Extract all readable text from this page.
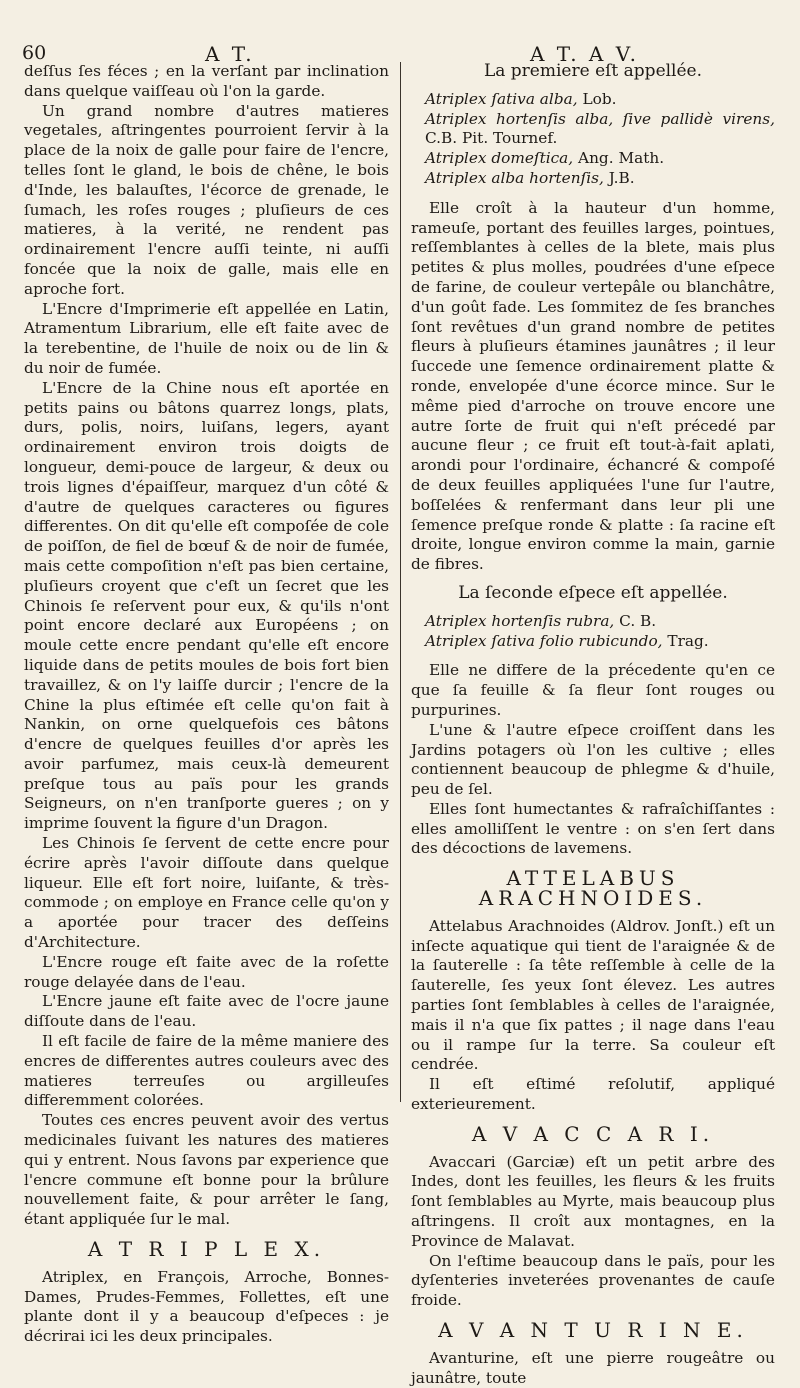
60	A T.	A T. A V.

deſſus ſes féces ; en la verſant par inclination dans quelque vaiſſeau où l'on la garde.

Un grand nombre d'autres matieres vegetales, aſtringentes pourroient ſervir à la place de la noix de galle pour faire de l'encre, telles ſont le gland, le bois de chêne, le bois d'Inde, les balauſtes, l'écorce de grenade, le ſumach, les roſes rouges ; pluſieurs de ces matieres, à la verité, ne rendent pas ordinairement l'encre auſſi teinte, ni auſſi foncée que la noix de galle, mais elle en aproche fort.

L'Encre d'Imprimerie eſt appellée en Latin, Atramentum Librarium, elle eſt faite avec de la terebentine, de l'huile de noix ou de lin & du noir de fumée.

L'Encre de la Chine nous eſt aportée en petits pains ou bâtons quarrez longs, plats, durs, polis, noirs, luiſans, legers, ayant ordinairement environ trois doigts de longueur, demi-pouce de largeur, & deux ou trois lignes d'épaiſſeur, marquez d'un côté & d'autre de quelques caracteres ou figures differentes. On dit qu'elle eſt compoſée de cole de poiſſon, de fiel de bœuf & de noir de fumée, mais cette compoſition n'eſt pas bien certaine, pluſieurs croyent que c'eſt un ſecret que les Chinois ſe reſervent pour eux, & qu'ils n'ont point encore declaré aux Européens ; on moule cette encre pendant qu'elle eſt encore liquide dans de petits moules de bois fort bien travaillez, & on l'y laiſſe durcir ; l'encre de la Chine la plus eſtimée eſt celle qu'on fait à Nankin, on orne quelquefois ces bâtons d'encre de quelques feuilles d'or après les avoir parfumez, mais ceux-là demeurent preſque tous au païs pour les grands Seigneurs, on n'en tranſporte gueres ; on y imprime ſouvent la figure d'un Dragon.

Les Chinois ſe ſervent de cette encre pour écrire après l'avoir diſſoute dans quelque liqueur. Elle eſt fort noire, luiſante, & très-commode ; on employe en France celle qu'on y a aportée pour tracer des deſſeins d'Architecture.

L'Encre rouge eſt faite avec de la roſette rouge delayée dans de l'eau.

L'Encre jaune eſt faite avec de l'ocre jaune diſſoute dans de l'eau.

Il eſt facile de faire de la même maniere des encres de differentes autres couleurs avec des matieres terreuſes ou argilleuſes differemment colorées.

Toutes ces encres peuvent avoir des vertus medicinales ſuivant les natures des matieres qui y entrent. Nous ſavons par experience que l'encre commune eſt bonne pour la brûlure nouvellement faite, & pour arrêter le ſang, étant appliquée ſur le mal.

A T R I P L E X.

Atriplex, en François, Arroche, Bonnes-Dames, Prudes-Femmes, Follettes, eſt une plante dont il y a beaucoup d'eſpeces : je décrirai ici les deux principales.

La premiere eſt appellée.

Atriplex ſativa alba, Lob.

Atriplex hortenſis alba, ſive pallidè virens, C.B. Pit. Tournef.

Atriplex domeſtica, Ang. Math.

Atriplex alba hortenſis, J.B.

Elle croît à la hauteur d'un homme, rameuſe, portant des feuilles larges, pointues, reſſemblantes à celles de la blete, mais plus petites & plus molles, poudrées d'une eſpece de farine, de couleur vertepâle ou blanchâtre, d'un goût fade. Les ſommitez de ſes branches ſont revêtues d'un grand nombre de petites fleurs à pluſieurs étamines jaunâtres ; il leur ſuccede une ſemence ordinairement platte & ronde, envelopée d'une écorce mince. Sur le même pied d'arroche on trouve encore une autre ſorte de fruit qui n'eſt précedé par aucune fleur ; ce fruit eſt tout-à-fait aplati, arondi pour l'ordinaire, échancré & compoſé de deux feuilles appliquées l'une ſur l'autre, boſſelées & renfermant dans leur pli une ſemence preſque ronde & platte : ſa racine eſt droite, longue environ comme la main, garnie de fibres.

La ſeconde eſpece eſt appellée.

Atriplex hortenſis rubra, C. B.

Atriplex ſativa folio rubicundo, Trag.

Elle ne differe de la précedente qu'en ce que ſa feuille & ſa fleur ſont rouges ou purpurines.

L'une & l'autre eſpece croiſſent dans les Jardins potagers où l'on les cultive ; elles contiennent beaucoup de phlegme & d'huile, peu de ſel.

Elles ſont humectantes & rafraîchiſſantes : elles amolliſſent le ventre : on s'en ſert dans des décoctions de lavemens.

ATTELABUS ARACHNOIDES.

Attelabus Arachnoides (Aldrov. Jonſt.) eſt un inſecte aquatique qui tient de l'araignée & de la ſauterelle : ſa tête reſſemble à celle de la ſauterelle, ſes yeux ſont élevez. Les autres parties ſont ſemblables à celles de l'araignée, mais il n'a que ſix pattes ; il nage dans l'eau ou il rampe ſur la terre. Sa couleur eſt cendrée.

Il eſt eſtimé reſolutif, appliqué exterieurement.

A V A C C A R I.

Avaccari (Garciæ) eſt un petit arbre des Indes, dont les feuilles, les fleurs & les fruits ſont ſemblables au Myrte, mais beaucoup plus aſtringens. Il croît aux montagnes, en la Province de Malavat.

On l'eſtime beaucoup dans le païs, pour les dyſenteries inveterées provenantes de cauſe froide.

A V A N T U R I N E.

Avanturine, eſt une pierre rougeâtre ou jaunâtre, toute
